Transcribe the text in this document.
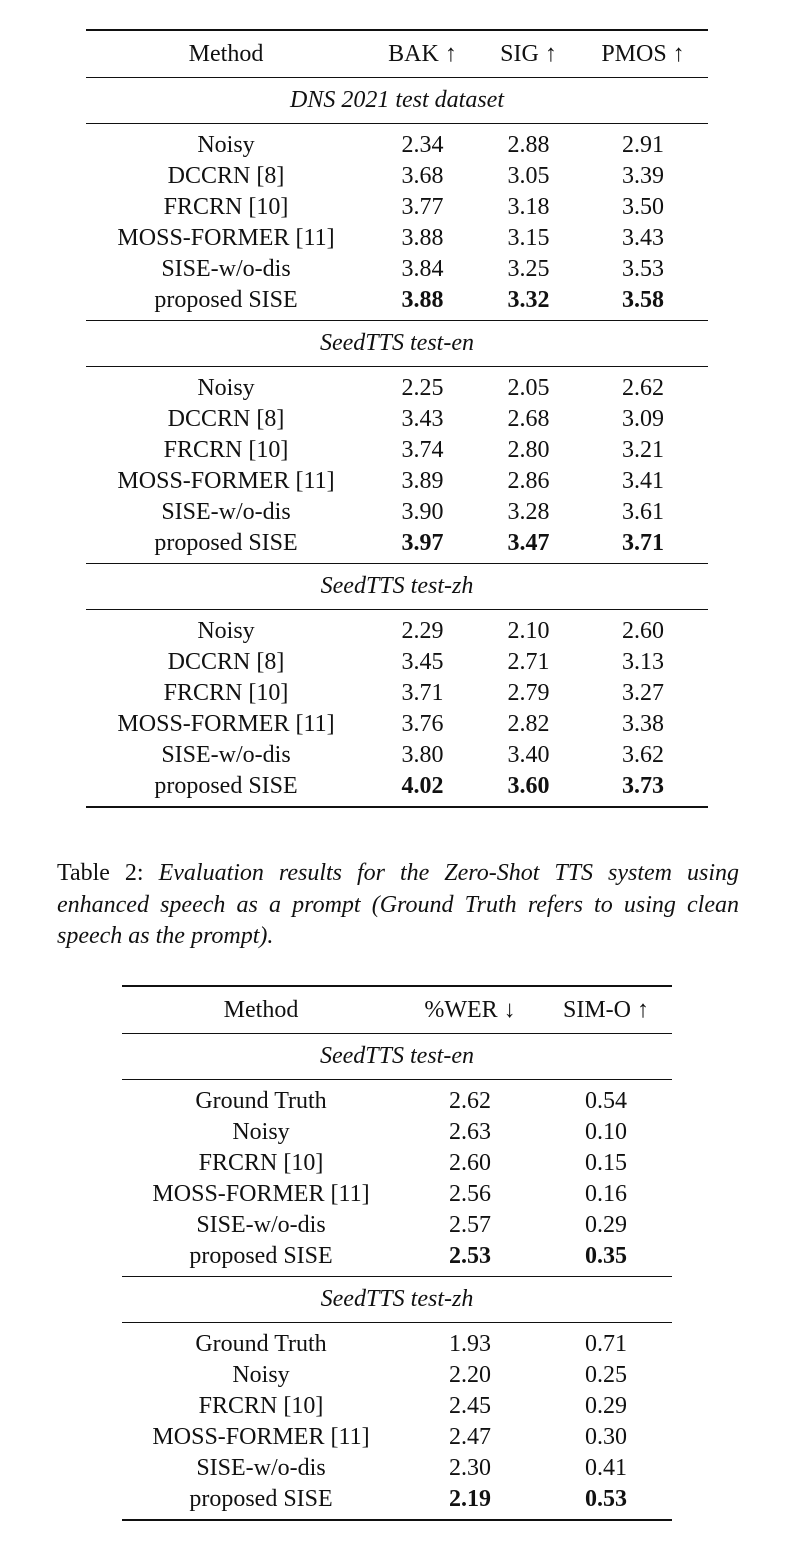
Method	BAK ↑	SIG ↑	PMOS ↑
DNS 2021 test dataset			
Noisy	2.34	2.88	2.91
DCCRN [8]	3.68	3.05	3.39
FRCRN [10]	3.77	3.18	3.50
MOSS-FORMER [11]	3.88	3.15	3.43
SISE-w/o-dis	3.84	3.25	3.53
proposed SISE	3.88	3.32	3.58
SeedTTS test-en			
Noisy	2.25	2.05	2.62
DCCRN [8]	3.43	2.68	3.09
FRCRN [10]	3.74	2.80	3.21
MOSS-FORMER [11]	3.89	2.86	3.41
SISE-w/o-dis	3.90	3.28	3.61
proposed SISE	3.97	3.47	3.71
SeedTTS test-zh			
Noisy	2.29	2.10	2.60
DCCRN [8]	3.45	2.71	3.13
FRCRN [10]	3.71	2.79	3.27
MOSS-FORMER [11]	3.76	2.82	3.38
SISE-w/o-dis	3.80	3.40	3.62
proposed SISE	4.02	3.60	3.73
Table 2: Evaluation results for the Zero-Shot TTS system using enhanced speech as a prompt (Ground Truth refers to using clean speech as the prompt).
Method	%WER ↓	SIM-O ↑
SeedTTS test-en		
Ground Truth	2.62	0.54
Noisy	2.63	0.10
FRCRN [10]	2.60	0.15
MOSS-FORMER [11]	2.56	0.16
SISE-w/o-dis	2.57	0.29
proposed SISE	2.53	0.35
SeedTTS test-zh		
Ground Truth	1.93	0.71
Noisy	2.20	0.25
FRCRN [10]	2.45	0.29
MOSS-FORMER [11]	2.47	0.30
SISE-w/o-dis	2.30	0.41
proposed SISE	2.19	0.53
